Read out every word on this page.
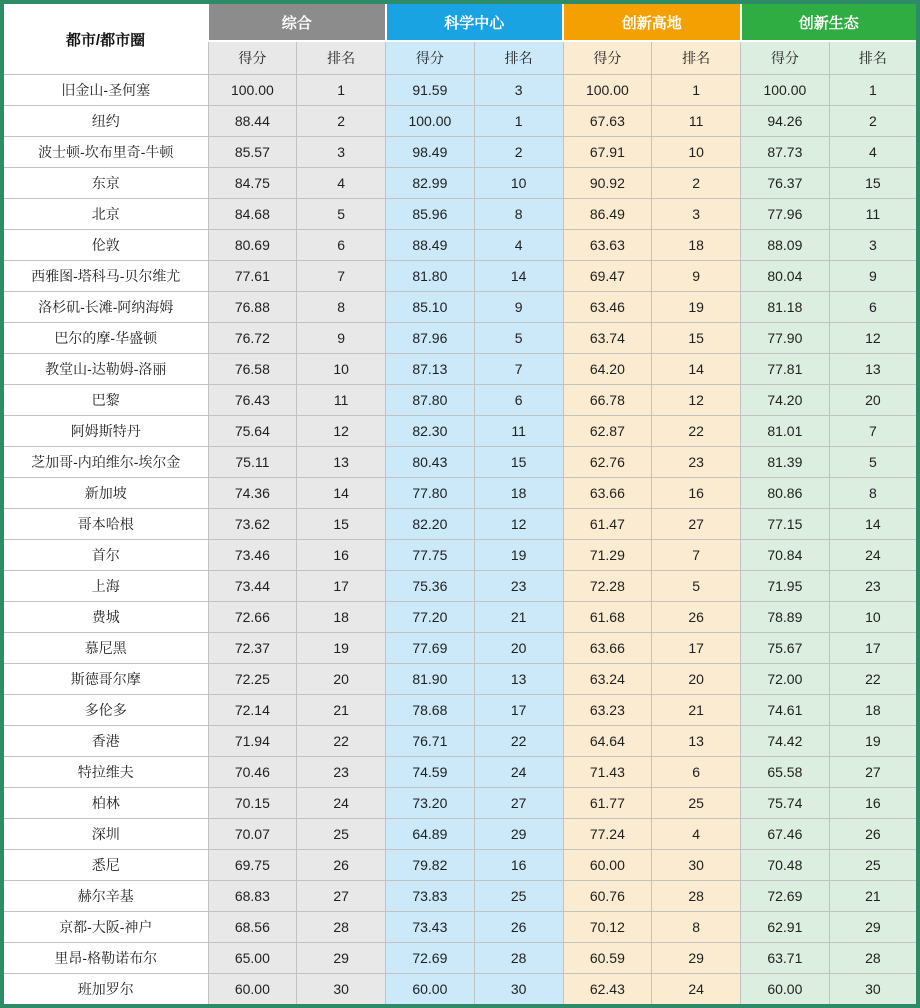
都市/都市圈	综合		科学中心		创新高地		创新生态	
	得分	排名	得分	排名	得分	排名	得分	排名
旧金山-圣何塞	100.00	1	91.59	3	100.00	1	100.00	1
纽约	88.44	2	100.00	1	67.63	11	94.26	2
波士顿-坎布里奇-牛顿	85.57	3	98.49	2	67.91	10	87.73	4
东京	84.75	4	82.99	10	90.92	2	76.37	15
北京	84.68	5	85.96	8	86.49	3	77.96	11
伦敦	80.69	6	88.49	4	63.63	18	88.09	3
西雅图-塔科马-贝尔维尤	77.61	7	81.80	14	69.47	9	80.04	9
洛杉矶-长滩-阿纳海姆	76.88	8	85.10	9	63.46	19	81.18	6
巴尔的摩-华盛顿	76.72	9	87.96	5	63.74	15	77.90	12
教堂山-达勒姆-洛丽	76.58	10	87.13	7	64.20	14	77.81	13
巴黎	76.43	11	87.80	6	66.78	12	74.20	20
阿姆斯特丹	75.64	12	82.30	11	62.87	22	81.01	7
芝加哥-内珀维尔-埃尔金	75.11	13	80.43	15	62.76	23	81.39	5
新加坡	74.36	14	77.80	18	63.66	16	80.86	8
哥本哈根	73.62	15	82.20	12	61.47	27	77.15	14
首尔	73.46	16	77.75	19	71.29	7	70.84	24
上海	73.44	17	75.36	23	72.28	5	71.95	23
费城	72.66	18	77.20	21	61.68	26	78.89	10
慕尼黑	72.37	19	77.69	20	63.66	17	75.67	17
斯德哥尔摩	72.25	20	81.90	13	63.24	20	72.00	22
多伦多	72.14	21	78.68	17	63.23	21	74.61	18
香港	71.94	22	76.71	22	64.64	13	74.42	19
特拉维夫	70.46	23	74.59	24	71.43	6	65.58	27
柏林	70.15	24	73.20	27	61.77	25	75.74	16
深圳	70.07	25	64.89	29	77.24	4	67.46	26
悉尼	69.75	26	79.82	16	60.00	30	70.48	25
赫尔辛基	68.83	27	73.83	25	60.76	28	72.69	21
京都-大阪-神户	68.56	28	73.43	26	70.12	8	62.91	29
里昂-格勒诺布尔	65.00	29	72.69	28	60.59	29	63.71	28
班加罗尔	60.00	30	60.00	30	62.43	24	60.00	30
